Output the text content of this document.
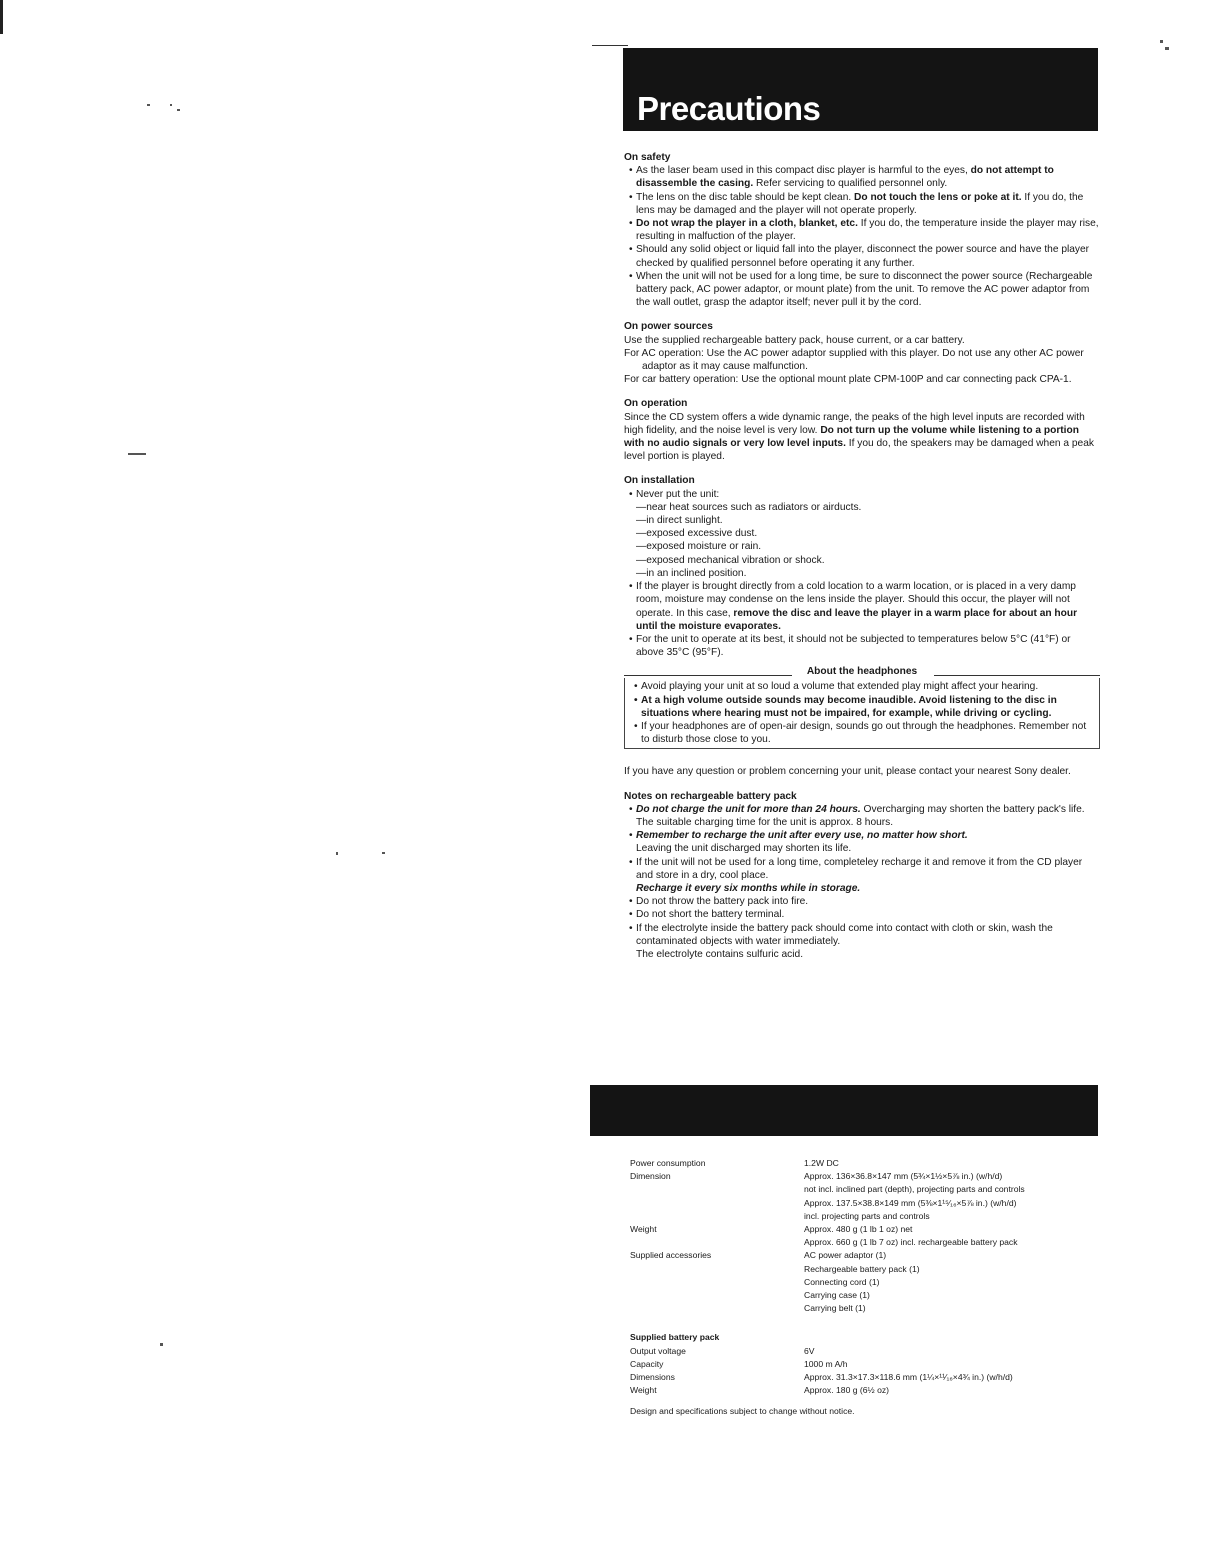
Precautions
On safety
• As the laser beam used in this compact disc player is harmful to the eyes, do not attempt to disassemble the casing. Refer servicing to qualified personnel only.
• The lens on the disc table should be kept clean. Do not touch the lens or poke at it. If you do, the lens may be damaged and the player will not operate properly.
• Do not wrap the player in a cloth, blanket, etc. If you do, the temperature inside the player may rise, resulting in malfuction of the player.
• Should any solid object or liquid fall into the player, disconnect the power source and have the player checked by qualified personnel before operating it any further.
• When the unit will not be used for a long time, be sure to disconnect the power source (Rechargeable battery pack, AC power adaptor, or mount plate) from the unit. To remove the AC power adaptor from the wall outlet, grasp the adaptor itself; never pull it by the cord.
On power sources
Use the supplied rechargeable battery pack, house current, or a car battery.
For AC operation: Use the AC power adaptor supplied with this player. Do not use any other AC power adaptor as it may cause malfunction.
For car battery operation: Use the optional mount plate CPM-100P and car connecting pack CPA-1.
On operation
Since the CD system offers a wide dynamic range, the peaks of the high level inputs are recorded with high fidelity, and the noise level is very low. Do not turn up the volume while listening to a portion with no audio signals or very low level inputs. If you do, the speakers may be damaged when a peak level portion is played.
On installation
• Never put the unit:
—near heat sources such as radiators or airducts.
—in direct sunlight.
—exposed excessive dust.
—exposed moisture or rain.
—exposed mechanical vibration or shock.
—in an inclined position.
• If the player is brought directly from a cold location to a warm location, or is placed in a very damp room, moisture may condense on the lens inside the player. Should this occur, the player will not operate. In this case, remove the disc and leave the player in a warm place for about an hour until the moisture evaporates.
• For the unit to operate at its best, it should not be subjected to temperatures below 5°C (41°F) or above 35°C (95°F).
About the headphones
• Avoid playing your unit at so loud a volume that extended play might affect your hearing.
• At a high volume outside sounds may become inaudible. Avoid listening to the disc in situations where hearing must not be impaired, for example, while driving or cycling.
• If your headphones are of open-air design, sounds go out through the headphones. Remember not to disturb those close to you.
If you have any question or problem concerning your unit, please contact your nearest Sony dealer.
Notes on rechargeable battery pack
• Do not charge the unit for more than 24 hours. Overcharging may shorten the battery pack's life. The suitable charging time for the unit is approx. 8 hours.
• Remember to recharge the unit after every use, no matter how short.
Leaving the unit discharged may shorten its life.
• If the unit will not be used for a long time, completeley recharge it and remove it from the CD player and store in a dry, cool place.
Recharge it every six months while in storage.
• Do not throw the battery pack into fire.
• Do not short the battery terminal.
• If the electrolyte inside the battery pack should come into contact with cloth or skin, wash the contaminated objects with water immediately.
The electrolyte contains sulfuric acid.
Power consumption	1.2W DC
Dimension	Approx. 136×36.8×147 mm (5¾×1½×5⅞ in.) (w/h/d)
not incl. inclined part (depth), projecting parts and controls
Approx. 137.5×38.8×149 mm (5⅜×1¹⁵⁄₁₆×5⅞ in.) (w/h/d)
incl. projecting parts and controls
Weight	Approx. 480 g (1 lb 1 oz) net
Approx. 660 g (1 lb 7 oz) incl. rechargeable battery pack
Supplied accessories	AC power adaptor (1)
Rechargeable battery pack (1)
Connecting cord (1)
Carrying case (1)
Carrying belt (1)
Supplied battery pack
Output voltage	6V
Capacity	1000 m A/h
Dimensions	Approx. 31.3×17.3×118.6 mm (1¼×¹¹⁄₁₆×4¾ in.) (w/h/d)
Weight	Approx. 180 g (6½ oz)
Design and specifications subject to change without notice.
